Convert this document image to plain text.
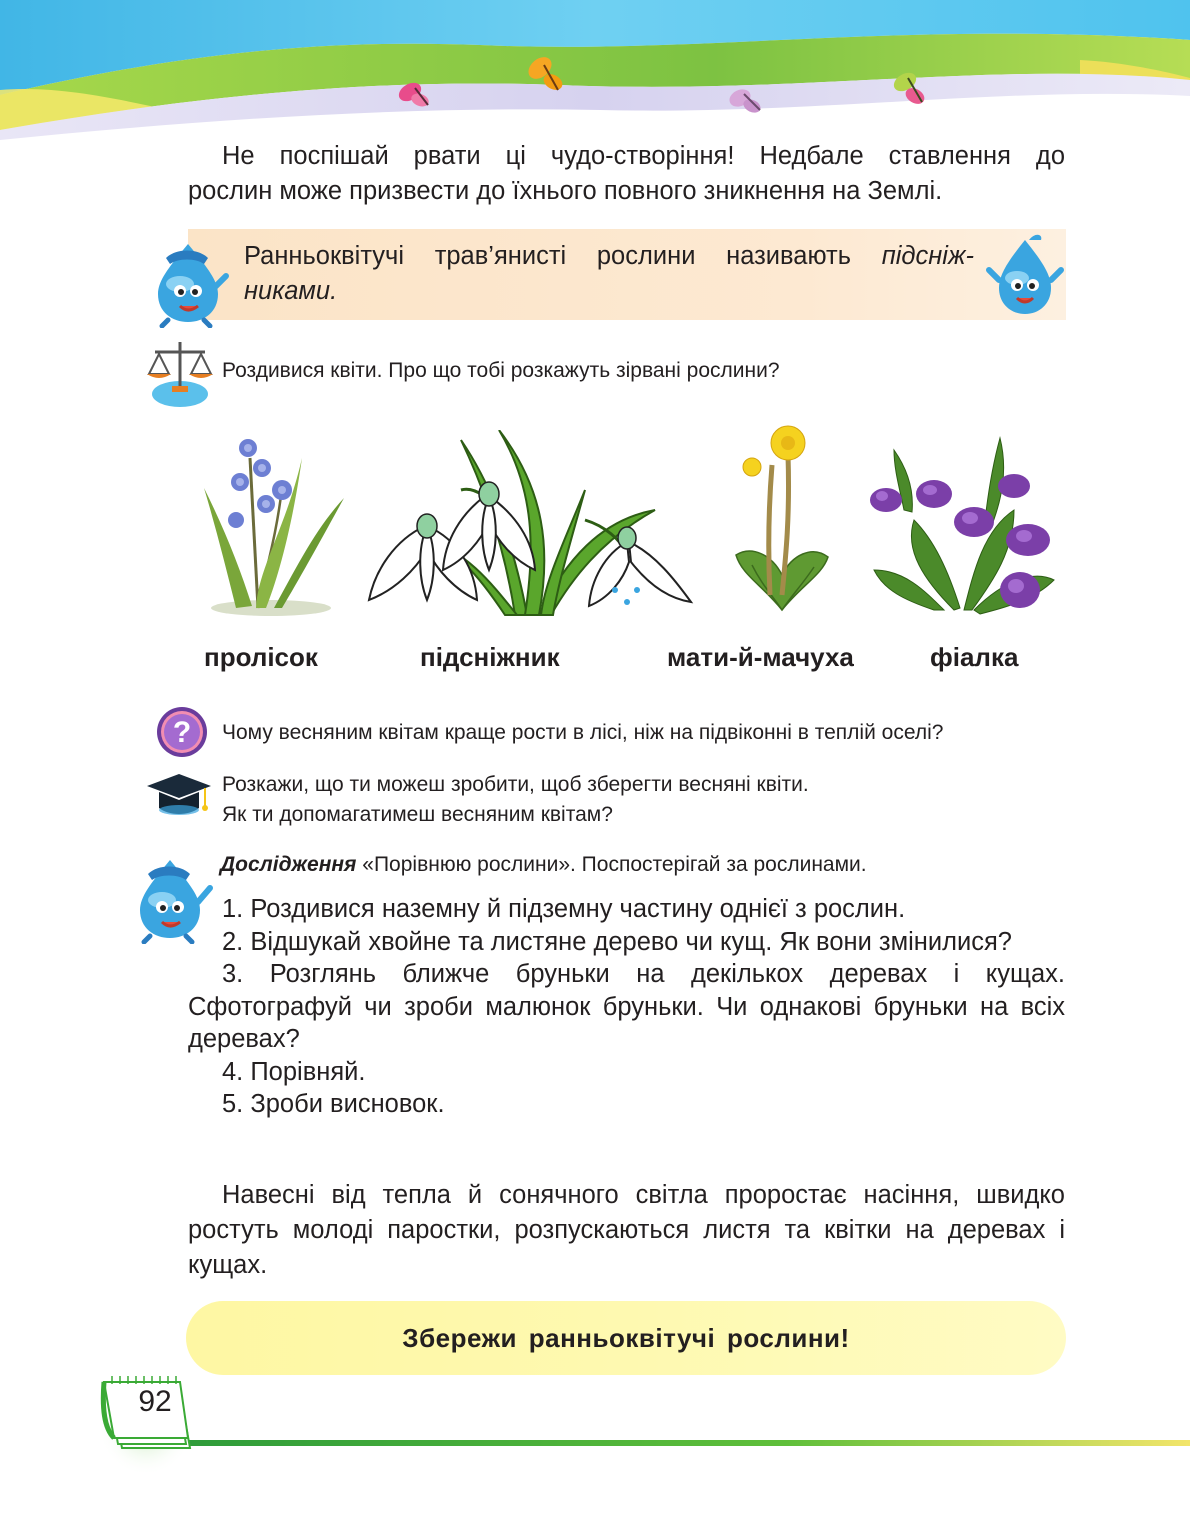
Не поспішай рвати ці чудо-створіння! Недбале ставлення до
рослин може призвести до їхнього повного зникнення на Землі.
Ранньоквітучі трав’янисті рослини називають підсніж-
никами.
Роздивися квіти. Про що тобі розкажуть зірвані рослини?
пролісок	підсніжник	мати-й-мачуха	фіалка
? Чому весняним квітам краще рости в лісі, ніж на підвіконні в теплій оселі?
Розкажи, що ти можеш зробити, щоб зберегти весняні квіти.
Як ти допомагатимеш весняним квітам?
Дослідження «Порівнюю рослини». Поспостерігай за рослинами.
1. Роздивися наземну й підземну частину однієї з рослин.
2. Відшукай хвойне та листяне дерево чи кущ. Як вони змінилися?
3. Розглянь ближче бруньки на декількох деревах і кущах. Сфотографуй чи зроби малюнок бруньки. Чи однакові бруньки на всіх деревах?
4. Порівняй.
5. Зроби висновок.
Навесні від тепла й сонячного світла проростає насіння, швидко ростуть молоді паростки, розпускаються листя та квітки на деревах і кущах.
Збережи ранньоквітучі рослини!
92
